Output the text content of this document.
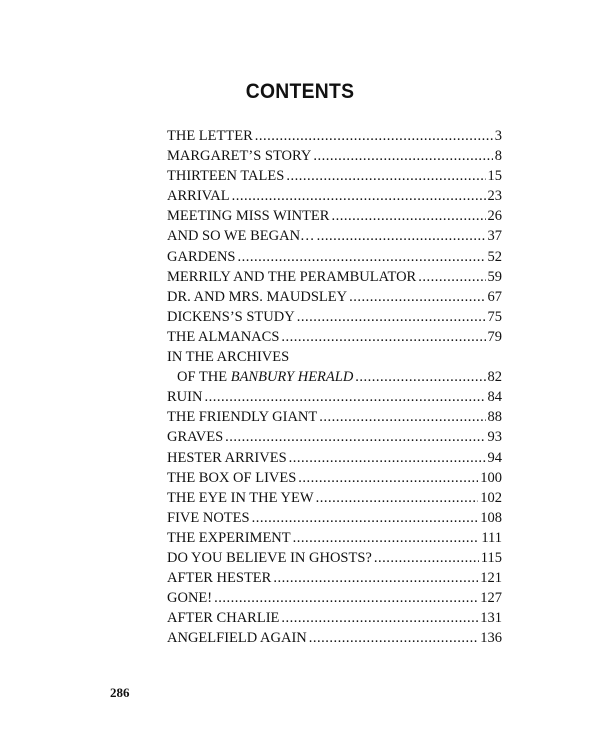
CONTENTS
THE LETTER .....	3
MARGARET’S STORY .....	8
THIRTEEN TALES .....	15
ARRIVAL .....	23
MEETING MISS WINTER .....	26
AND SO WE BEGAN… .....	37
GARDENS .....	52
MERRILY AND THE PERAMBULATOR .....	59
DR. AND MRS. MAUDSLEY .....	67
DICKENS’S STUDY .....	75
THE ALMANACS .....	79
IN THE ARCHIVES
OF THE BANBURY HERALD .....	82
RUIN .....	84
THE FRIENDLY GIANT .....	88
GRAVES .....	93
HESTER ARRIVES .....	94
THE BOX OF LIVES .....	100
THE EYE IN THE YEW .....	102
FIVE NOTES .....	108
THE EXPERIMENT .....	111
DO YOU BELIEVE IN GHOSTS? .....	115
AFTER HESTER .....	121
GONE! .....	127
AFTER CHARLIE .....	131
ANGELFIELD AGAIN .....	136
286
